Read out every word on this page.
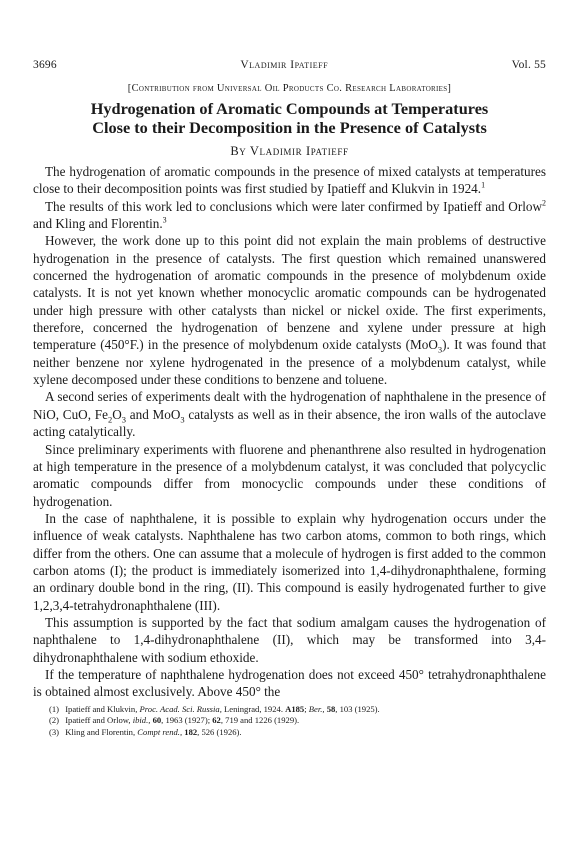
3696	Vladimir Ipatieff	Vol. 55
[Contribution from Universal Oil Products Co. Research Laboratories]
Hydrogenation of Aromatic Compounds at Temperatures
Close to their Decomposition in the Presence of Catalysts
By Vladimir Ipatieff

The hydrogenation of aromatic compounds in the presence of mixed catalysts at temperatures close to their decomposition points was first studied by Ipatieff and Klukvin in 1924.$^1$

The results of this work led to conclusions which were later confirmed by Ipatieff and Orlow$^2$ and Kling and Florentin.$^3$

However, the work done up to this point did not explain the main problems of destructive hydrogenation in the presence of catalysts. The first question which remained unanswered concerned the hydrogenation of aromatic compounds in the presence of molybdenum oxide catalysts. It is not yet known whether monocyclic aromatic compounds can be hydrogenated under high pressure with other catalysts than nickel or nickel oxide. The first experiments, therefore, concerned the hydrogenation of benzene and xylene under pressure at high temperature (450°F.) in the presence of molybdenum oxide catalysts (MoO$_3$). It was found that neither benzene nor xylene hydrogenated in the presence of a molybdenum catalyst, while xylene decomposed under these conditions to benzene and toluene.

A second series of experiments dealt with the hydrogenation of naphthalene in the presence of NiO, CuO, $Fe_2O_3$ and MoO$_3$ catalysts as well as in their absence, the iron walls of the autoclave acting catalytically.

Since preliminary experiments with fluorene and phenanthrene also resulted in hydrogenation at high temperature in the presence of a molybdenum catalyst, it was concluded that polycyclic aromatic compounds differ from monocyclic compounds under these conditions of hydrogenation.

In the case of naphthalene, it is possible to explain why hydrogenation occurs under the influence of weak catalysts. Naphthalene has two carbon atoms, common to both rings, which differ from the others. One can assume that a molecule of hydrogen is first added to the common carbon atoms (I); the product is immediately isomerized into 1,4-dihydronaphthalene, forming an ordinary double bond in the ring, (II). This compound is easily hydrogenated further to give 1,2,3,4-tetrahydronaphthalene (III).

This assumption is supported by the fact that sodium amalgam causes the hydrogenation of naphthalene to 1,4-dihydronaphthalene (II), which may be transformed into 3,4-dihydronaphthalene with sodium ethoxide.

If the temperature of naphthalene hydrogenation does not exceed 450° tetrahydronaphthalene is obtained almost exclusively. Above 450° the

(1) Ipatieff and Klukvin, Proc. Acad. Sci. Russia, Leningrad, 1924. A185; Ber., 58, 103 (1925).
(2) Ipatieff and Orlow, ibid., 60, 1963 (1927); 62, 719 and 1226 (1929).
(3) Kling and Florentin, Compt rend., 182, 526 (1926).
